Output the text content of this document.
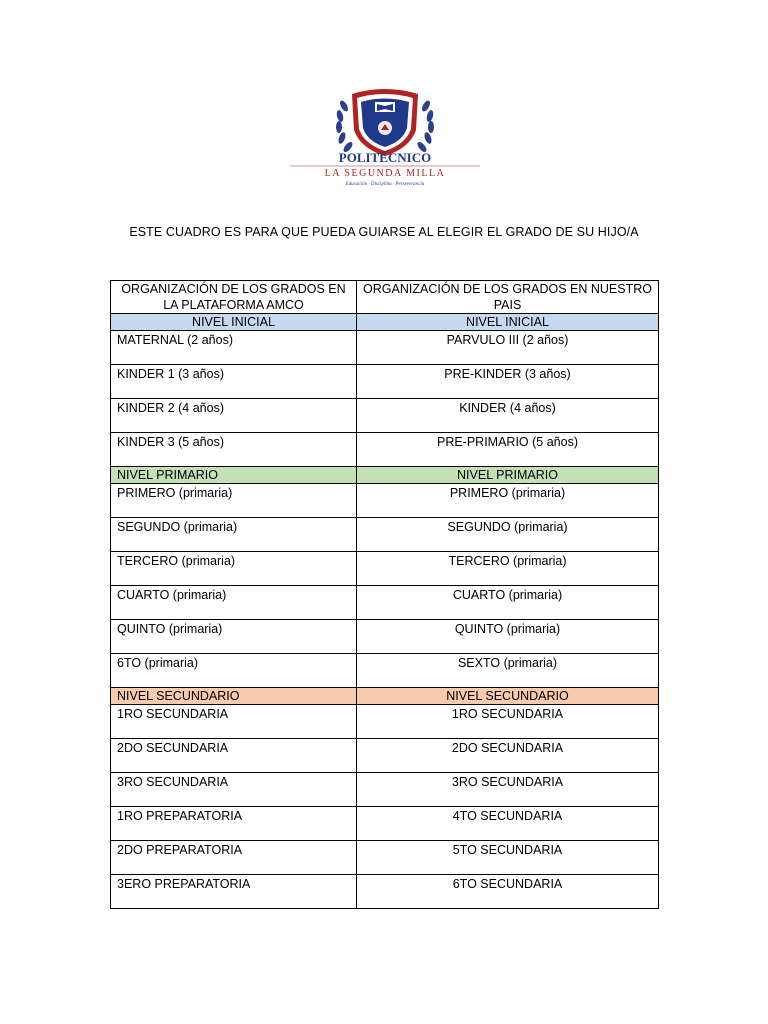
POLITÉCNICO
LA SEGUNDA MILLA
Educación · Disciplina · Perseverancia
ESTE CUADRO ES PARA QUE PUEDA GUIARSE AL ELEGIR EL GRADO DE SU HIJO/A
ORGANIZACIÓN DE LOS GRADOS EN LA PLATAFORMA AMCO	ORGANIZACIÓN DE LOS GRADOS EN NUESTRO PAIS
NIVEL INICIAL	NIVEL INICIAL
MATERNAL (2 años)	PARVULO III (2 años)
KINDER 1 (3 años)	PRE-KINDER (3 años)
KINDER 2 (4 años)	KINDER (4 años)
KINDER 3 (5 años)	PRE-PRIMARIO (5 años)
NIVEL PRIMARIO	NIVEL PRIMARIO
PRIMERO (primaria)	PRIMERO (primaria)
SEGUNDO (primaria)	SEGUNDO (primaria)
TERCERO (primaria)	TERCERO (primaria)
CUARTO (primaria)	CUARTO (primaria)
QUINTO (primaria)	QUINTO (primaria)
6TO (primaria)	SEXTO (primaria)
NIVEL SECUNDARIO	NIVEL SECUNDARIO
1RO SECUNDARIA	1RO SECUNDARIA
2DO SECUNDARIA	2DO SECUNDARIA
3RO SECUNDARIA	3RO SECUNDARIA
1RO PREPARATORIA	4TO SECUNDARIA
2DO PREPARATORIA	5TO SECUNDARIA
3ERO PREPARATORIA	6TO SECUNDARIA
